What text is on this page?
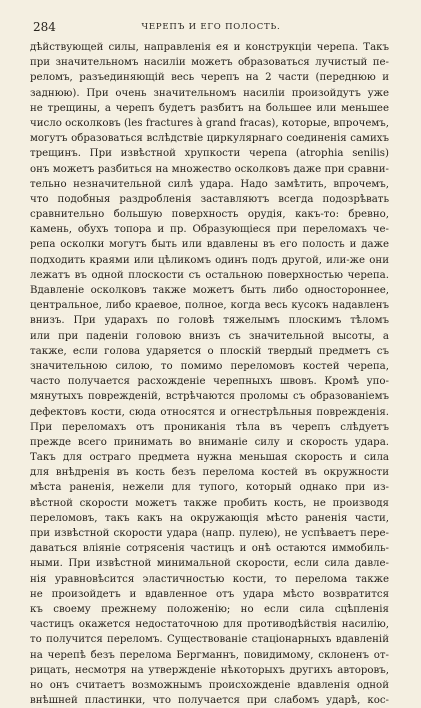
284	ЧЕРЕПЪ И ЕГО ПОЛОСТЬ.
дѣйствующей силы, направленія ея и конструкціи черепа. Такъ
при значительномъ насиліи можетъ образоваться лучистый пе-
реломъ, разъединяющій весь черепъ на 2 части (переднюю и
заднюю). При очень значительномъ насиліи произойдутъ уже
не трещины, а черепъ будетъ разбитъ на большее или меньшее
число осколковъ (les fractures à grand fracas), которые, впрочемъ,
могутъ образоваться вслѣдствіе циркулярнаго соединенія самихъ
трещинъ. При извѣстной хрупкости черепа (atrophia senilis)
онъ можетъ разбиться на множество осколковъ даже при сравни-
тельно незначительной силѣ удара. Надо замѣтить, впрочемъ,
что подобныя раздробленія заставляютъ всегда подозрѣвать
сравнительно большую поверхность орудія, какъ-то: бревно,
камень, обухъ топора и пр. Образующіеся при переломахъ че-
репа осколки могутъ быть или вдавлены въ его полость и даже
подходить краями или цѣликомъ одинъ подъ другой, или-же они
лежатъ въ одной плоскости съ остальною поверхностью черепа.
Вдавленіе осколковъ также можетъ быть либо одностороннее,
центральное, либо краевое, полное, когда весь кусокъ надавленъ
внизъ. При ударахъ по головѣ тяжелымъ плоскимъ тѣломъ
или при паденіи головою внизъ съ значительной высоты, а
также, если голова ударяется о плоскій твердый предметъ съ
значительною силою, то помимо переломовъ костей черепа,
часто получается расхожденіе черепныхъ швовъ. Кромѣ упо-
мянутыхъ поврежденій, встрѣчаются проломы съ образованіемъ
дефектовъ кости, сюда относятся и огнестрѣльныя поврежденія.
При переломахъ отъ прониканія тѣла въ черепъ слѣдуетъ
прежде всего принимать во вниманіе силу и скорость удара.
Такъ для остраго предмета нужна меньшая скорость и сила
для внѣдренія въ кость безъ перелома костей въ окружности
мѣста раненія, нежели для тупого, который однако при из-
вѣстной скорости можетъ также пробить кость, не производя
переломовъ, такъ какъ на окружающія мѣсто раненія части,
при извѣстной скорости удара (напр. пулею), не успѣваетъ пере-
даваться вліяніе сотрясенія частицъ и онѣ остаются иммобиль-
ными. При извѣстной минимальной скорости, если сила давле-
нія уравновѣсится эластичностью кости, то перелома также
не произойдетъ и вдавленное отъ удара мѣсто возвратится
къ своему прежнему положенію; но если сила сцѣпленія
частицъ окажется недостаточною для противодѣйствія насилію,
то получится переломъ. Существованіе стаціонарныхъ вдавленій
на черепѣ безъ перелома Бергманнъ, повидимому, склоненъ от-
рицать, несмотря на утвержденіе нѣкоторыхъ другихъ авторовъ,
но онъ считаетъ возможнымъ происхожденіе вдавленія одной
внѣшней пластинки, что получается при слабомъ ударѣ, кос-
